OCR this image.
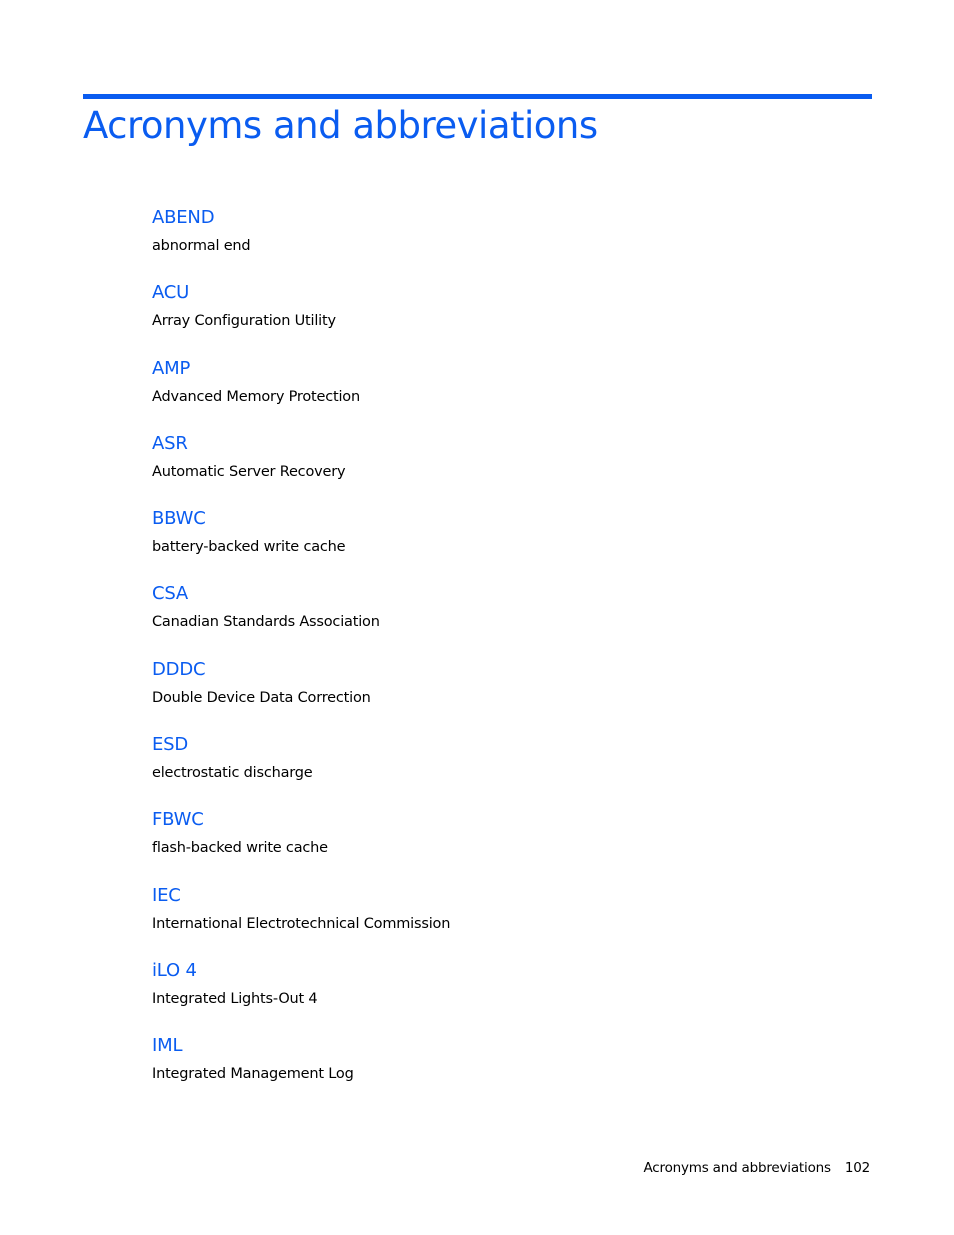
Acronyms and abbreviations
ABEND
abnormal end
ACU
Array Configuration Utility
AMP
Advanced Memory Protection
ASR
Automatic Server Recovery
BBWC
battery-backed write cache
CSA
Canadian Standards Association
DDDC
Double Device Data Correction
ESD
electrostatic discharge
FBWC
flash-backed write cache
IEC
International Electrotechnical Commission
iLO 4
Integrated Lights-Out 4
IML
Integrated Management Log
Acronyms and abbreviations 102
